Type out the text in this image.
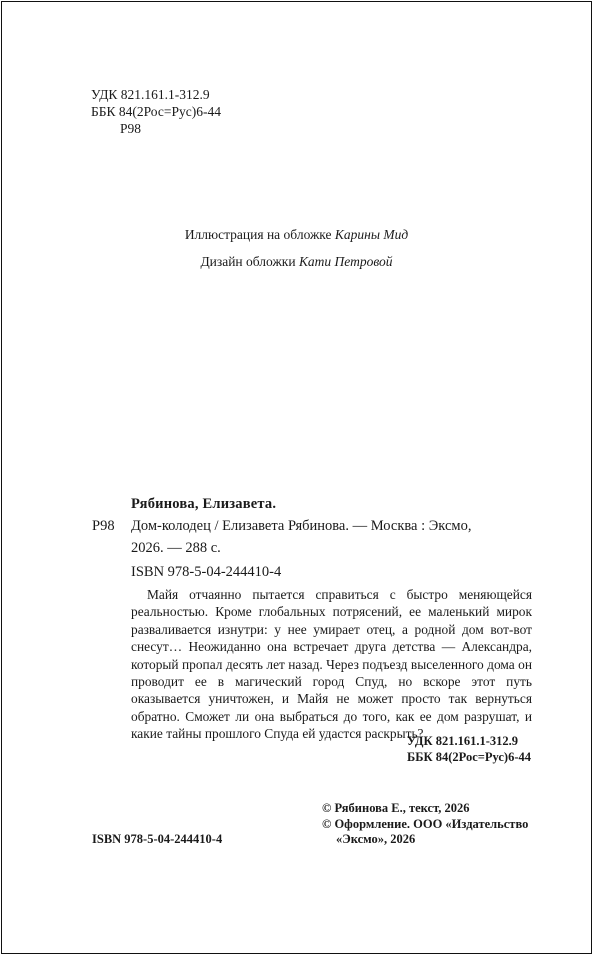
УДК 821.161.1-312.9
ББК 84(2Рос=Рус)6-44
Р98
Иллюстрация на обложке Карины Мид
Дизайн обложки Кати Петровой
Рябинова, Елизавета.
Р98 Дом-колодец / Елизавета Рябинова. — Москва : Эксмо,
2026. — 288 с.
ISBN 978-5-04-244410-4
Майя отчаянно пытается справиться с быстро меняющейся реальностью. Кроме глобальных потрясений, ее маленький мирок разваливается изнутри: у нее умирает отец, а родной дом вот-вот снесут… Неожиданно она встречает друга детства — Александра, который пропал десять лет назад. Через подъезд выселенного дома он проводит ее в магический город Спуд, но вскоре этот путь оказывается уничтожен, и Майя не может просто так вернуться обратно. Сможет ли она выбраться до того, как ее дом разрушат, и какие тайны прошлого Спуда ей удастся раскрыть?
УДК 821.161.1-312.9
ББК 84(2Рос=Рус)6-44
© Рябинова Е., текст, 2026
© Оформление. ООО «Издательство
«Эксмо», 2026
ISBN 978-5-04-244410-4
